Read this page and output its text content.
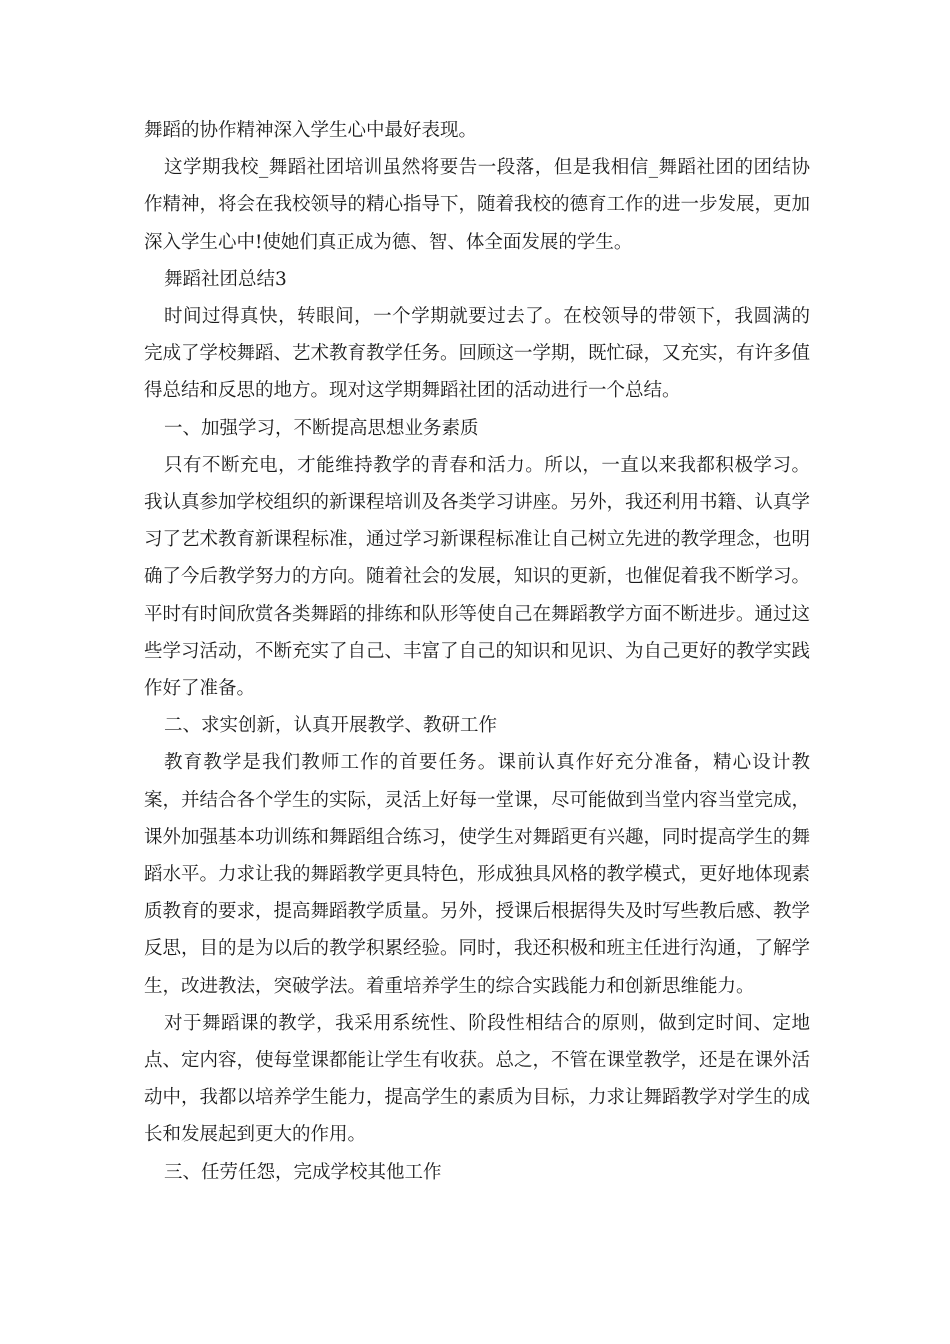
舞蹈的协作精神深入学生心中最好表现。

这学期我校_舞蹈社团培训虽然将要告一段落，但是我相信_舞蹈社团的团结协作精神，将会在我校领导的精心指导下，随着我校的德育工作的进一步发展，更加深入学生心中!使她们真正成为德、智、体全面发展的学生。

舞蹈社团总结3

时间过得真快，转眼间，一个学期就要过去了。在校领导的带领下，我圆满的完成了学校舞蹈、艺术教育教学任务。回顾这一学期，既忙碌，又充实，有许多值得总结和反思的地方。现对这学期舞蹈社团的活动进行一个总结。

一、加强学习，不断提高思想业务素质

只有不断充电，才能维持教学的青春和活力。所以，一直以来我都积极学习。我认真参加学校组织的新课程培训及各类学习讲座。另外，我还利用书籍、认真学习了艺术教育新课程标准，通过学习新课程标准让自己树立先进的教学理念，也明确了今后教学努力的方向。随着社会的发展，知识的更新，也催促着我不断学习。平时有时间欣赏各类舞蹈的排练和队形等使自己在舞蹈教学方面不断进步。通过这些学习活动，不断充实了自己、丰富了自己的知识和见识、为自己更好的教学实践作好了准备。

二、求实创新，认真开展教学、教研工作

教育教学是我们教师工作的首要任务。课前认真作好充分准备，精心设计教案，并结合各个学生的实际，灵活上好每一堂课，尽可能做到当堂内容当堂完成，课外加强基本功训练和舞蹈组合练习，使学生对舞蹈更有兴趣，同时提高学生的舞蹈水平。力求让我的舞蹈教学更具特色，形成独具风格的教学模式，更好地体现素质教育的要求，提高舞蹈教学质量。另外，授课后根据得失及时写些教后感、教学反思，目的是为以后的教学积累经验。同时，我还积极和班主任进行沟通，了解学生，改进教法，突破学法。着重培养学生的综合实践能力和创新思维能力。

对于舞蹈课的教学，我采用系统性、阶段性相结合的原则，做到定时间、定地点、定内容，使每堂课都能让学生有收获。总之，不管在课堂教学，还是在课外活动中，我都以培养学生能力，提高学生的素质为目标，力求让舞蹈教学对学生的成长和发展起到更大的作用。

三、任劳任怨，完成学校其他工作
